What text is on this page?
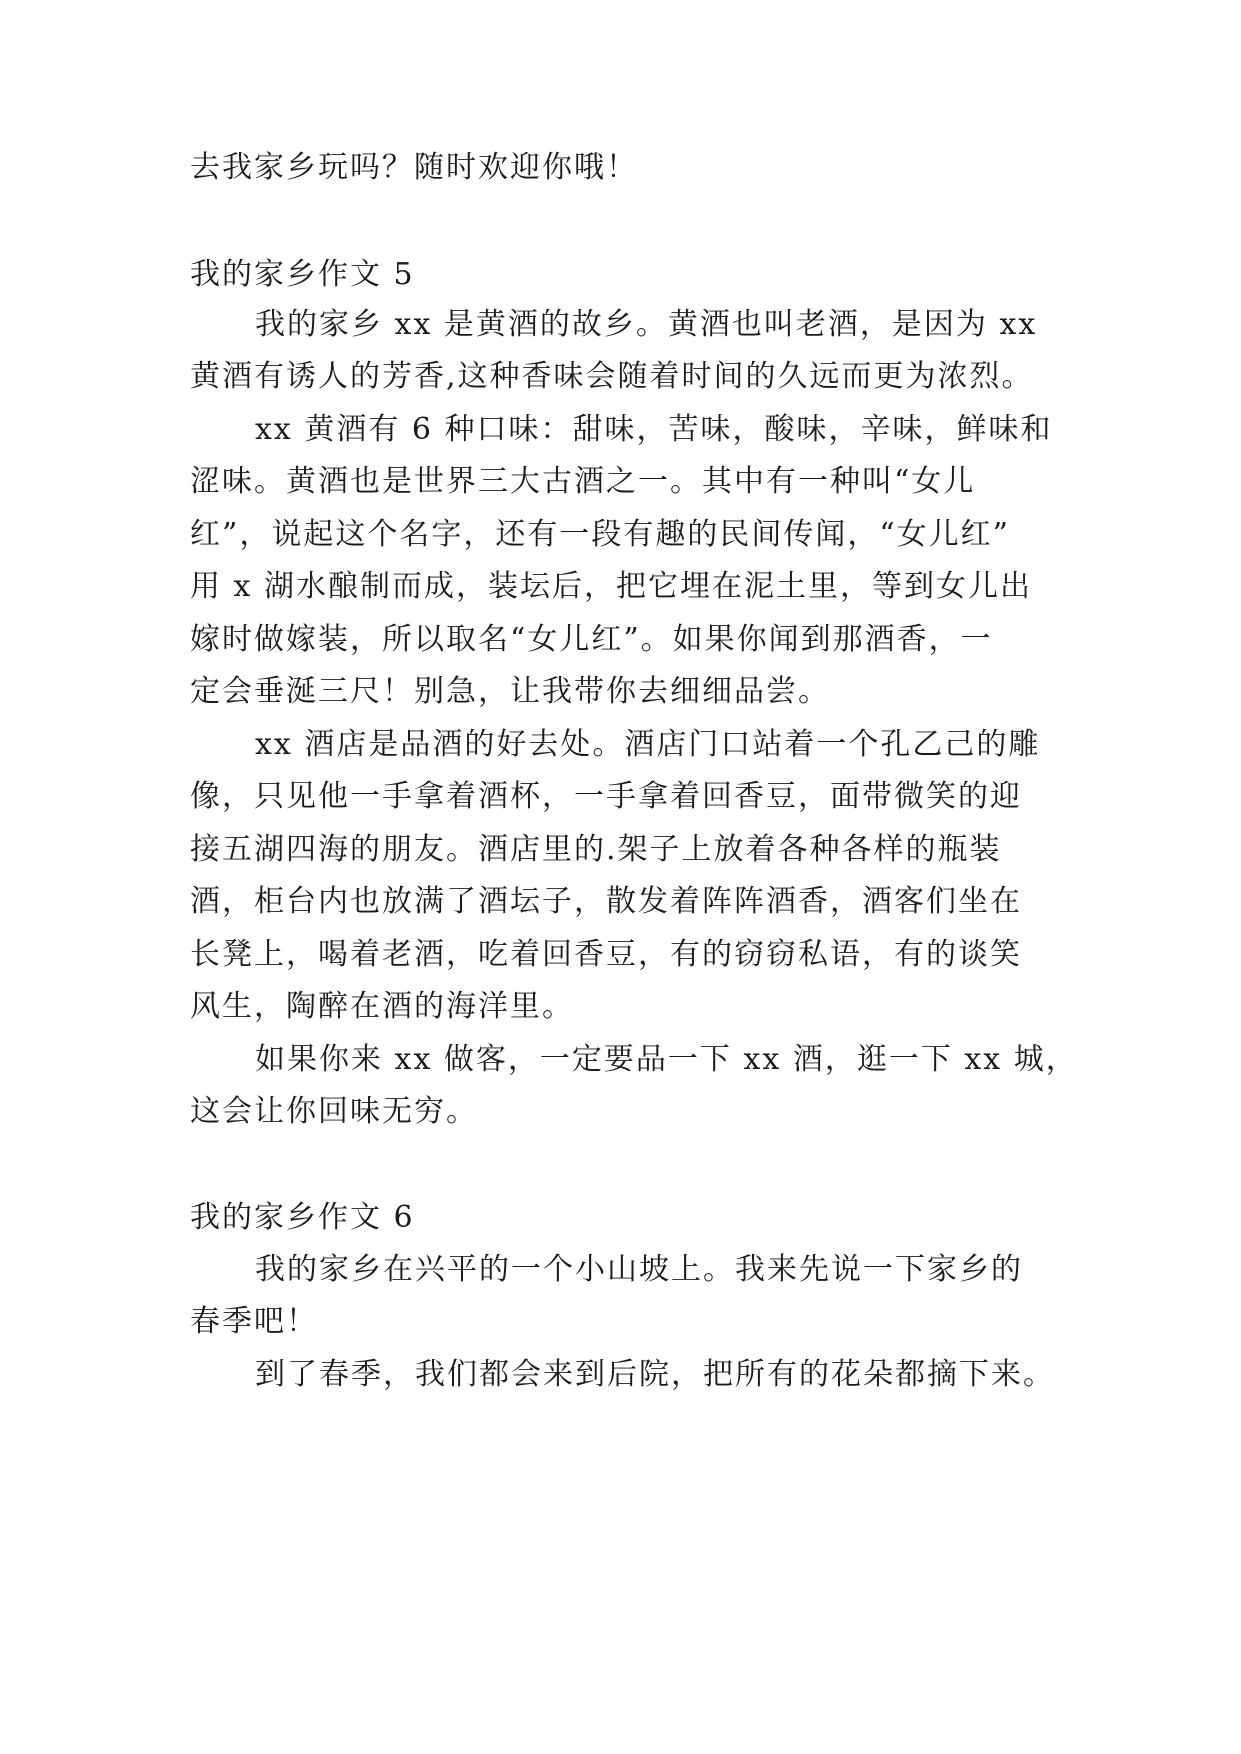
去我家乡玩吗？随时欢迎你哦！
我的家乡作文 5
我的家乡 xx 是黄酒的故乡。黄酒也叫老酒，是因为 xx
黄酒有诱人的芳香,这种香味会随着时间的久远而更为浓烈。
xx 黄酒有 6 种口味：甜味，苦味，酸味，辛味，鲜味和
涩味。黄酒也是世界三大古酒之一。其中有一种叫“女儿
红”，说起这个名字，还有一段有趣的民间传闻，“女儿红”
用 x 湖水酿制而成，装坛后，把它埋在泥土里，等到女儿出
嫁时做嫁装，所以取名“女儿红”。如果你闻到那酒香，一
定会垂涎三尺！别急，让我带你去细细品尝。
xx 酒店是品酒的好去处。酒店门口站着一个孔乙己的雕
像，只见他一手拿着酒杯，一手拿着回香豆，面带微笑的迎
接五湖四海的朋友。酒店里的.架子上放着各种各样的瓶装
酒，柜台内也放满了酒坛子，散发着阵阵酒香，酒客们坐在
长凳上，喝着老酒，吃着回香豆，有的窃窃私语，有的谈笑
风生，陶醉在酒的海洋里。
如果你来 xx 做客，一定要品一下 xx 酒，逛一下 xx 城，
这会让你回味无穷。
我的家乡作文 6
我的家乡在兴平的一个小山坡上。我来先说一下家乡的
春季吧！
到了春季，我们都会来到后院，把所有的花朵都摘下来。
